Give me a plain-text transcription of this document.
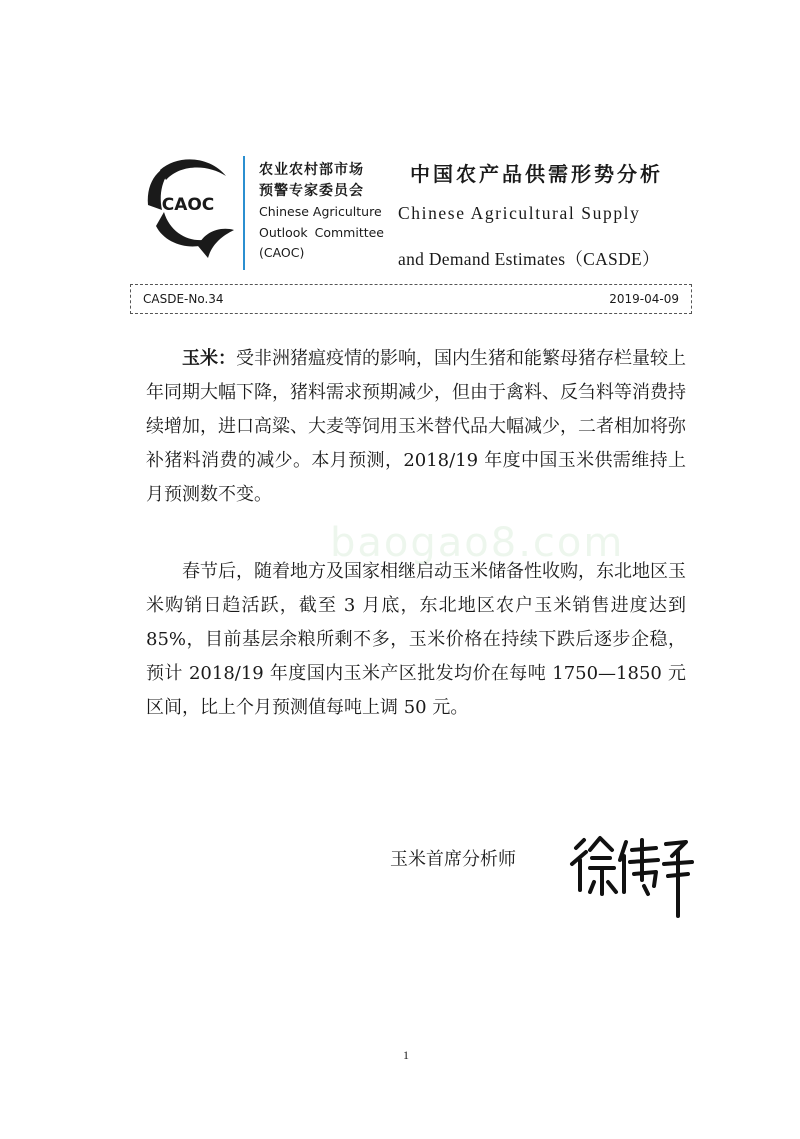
CAOC
农业农村部市场
预警专家委员会
Chinese Agriculture
Outlook Committee
(CAOC)
中国农产品供需形势分析
Chinese Agricultural Supply
and Demand Estimates（CASDE）
CASDE-No.34	2019-04-09
baogao8.com
玉米：受非洲猪瘟疫情的影响，国内生猪和能繁母猪存栏量较上年同期大幅下降，猪料需求预期减少，但由于禽料、反刍料等消费持续增加，进口高粱、大麦等饲用玉米替代品大幅减少，二者相加将弥补猪料消费的减少。本月预测，2018/19 年度中国玉米供需维持上月预测数不变。
春节后，随着地方及国家相继启动玉米储备性收购，东北地区玉米购销日趋活跃，截至 3 月底，东北地区农户玉米销售进度达到 85%，目前基层余粮所剩不多，玉米价格在持续下跌后逐步企稳，预计 2018/19 年度国内玉米产区批发均价在每吨 1750—1850 元区间，比上个月预测值每吨上调 50 元。
玉米首席分析师
1
